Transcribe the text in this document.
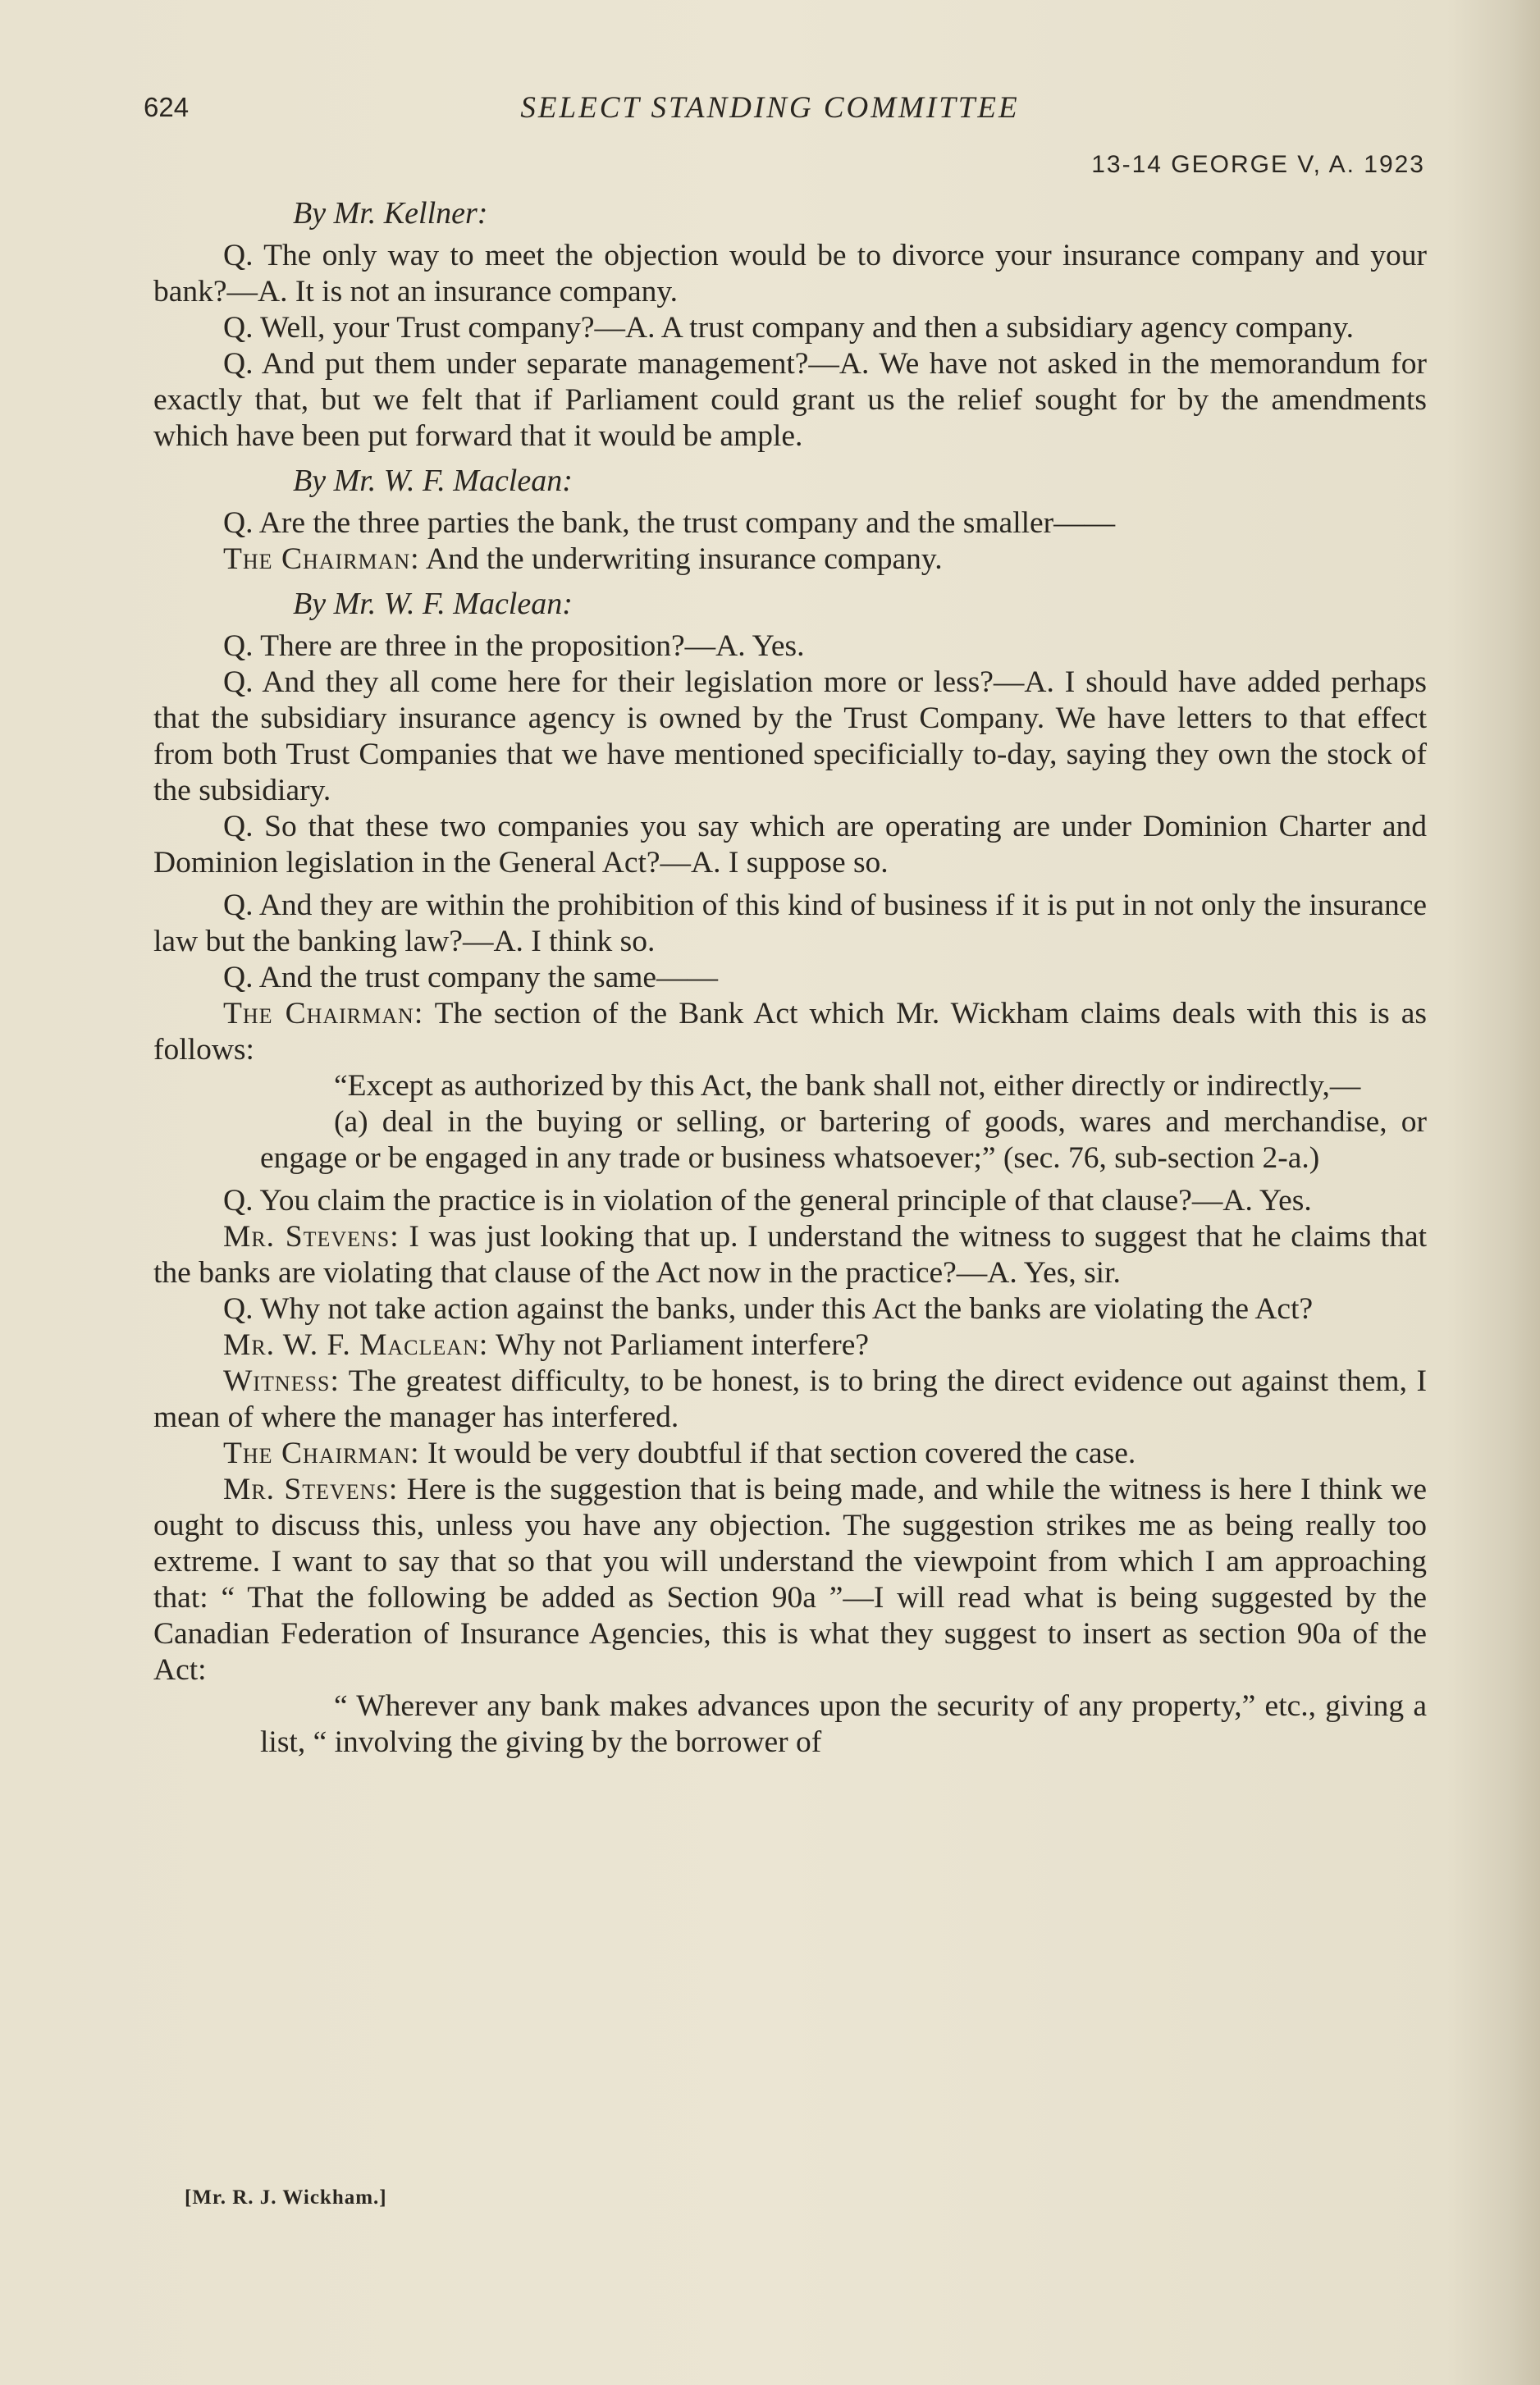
624	SELECT STANDING COMMITTEE
13-14 GEORGE V, A. 1923

By Mr. Kellner:

Q. The only way to meet the objection would be to divorce your insurance company and your bank?—A. It is not an insurance company.

Q. Well, your Trust company?—A. A trust company and then a subsidiary agency company.

Q. And put them under separate management?—A. We have not asked in the memorandum for exactly that, but we felt that if Parliament could grant us the relief sought for by the amendments which have been put forward that it would be ample.

By Mr. W. F. Maclean:

Q. Are the three parties the bank, the trust company and the smaller——

The Chairman: And the underwriting insurance company.

By Mr. W. F. Maclean:

Q. There are three in the proposition?—A. Yes.

Q. And they all come here for their legislation more or less?—A. I should have added perhaps that the subsidiary insurance agency is owned by the Trust Company. We have letters to that effect from both Trust Companies that we have mentioned specificially to-day, saying they own the stock of the subsidiary.

Q. So that these two companies you say which are operating are under Dominion Charter and Dominion legislation in the General Act?—A. I suppose so.

Q. And they are within the prohibition of this kind of business if it is put in not only the insurance law but the banking law?—A. I think so.

Q. And the trust company the same——

The Chairman: The section of the Bank Act which Mr. Wickham claims deals with this is as follows:

“Except as authorized by this Act, the bank shall not, either directly or indirectly,—

(a) deal in the buying or selling, or bartering of goods, wares and merchandise, or engage or be engaged in any trade or business whatsoever;” (sec. 76, sub-section 2-a.)

Q. You claim the practice is in violation of the general principle of that clause?—A. Yes.

Mr. Stevens: I was just looking that up. I understand the witness to suggest that he claims that the banks are violating that clause of the Act now in the practice?—A. Yes, sir.

Q. Why not take action against the banks, under this Act the banks are violating the Act?

Mr. W. F. Maclean: Why not Parliament interfere?

Witness: The greatest difficulty, to be honest, is to bring the direct evidence out against them, I mean of where the manager has interfered.

The Chairman: It would be very doubtful if that section covered the case.

Mr. Stevens: Here is the suggestion that is being made, and while the witness is here I think we ought to discuss this, unless you have any objection. The suggestion strikes me as being really too extreme. I want to say that so that you will understand the viewpoint from which I am approaching that: “ That the following be added as Section 90a ”—I will read what is being suggested by the Canadian Federation of Insurance Agencies, this is what they suggest to insert as section 90a of the Act:

“ Wherever any bank makes advances upon the security of any property,” etc., giving a list, “ involving the giving by the borrower of

[Mr. R. J. Wickham.]
